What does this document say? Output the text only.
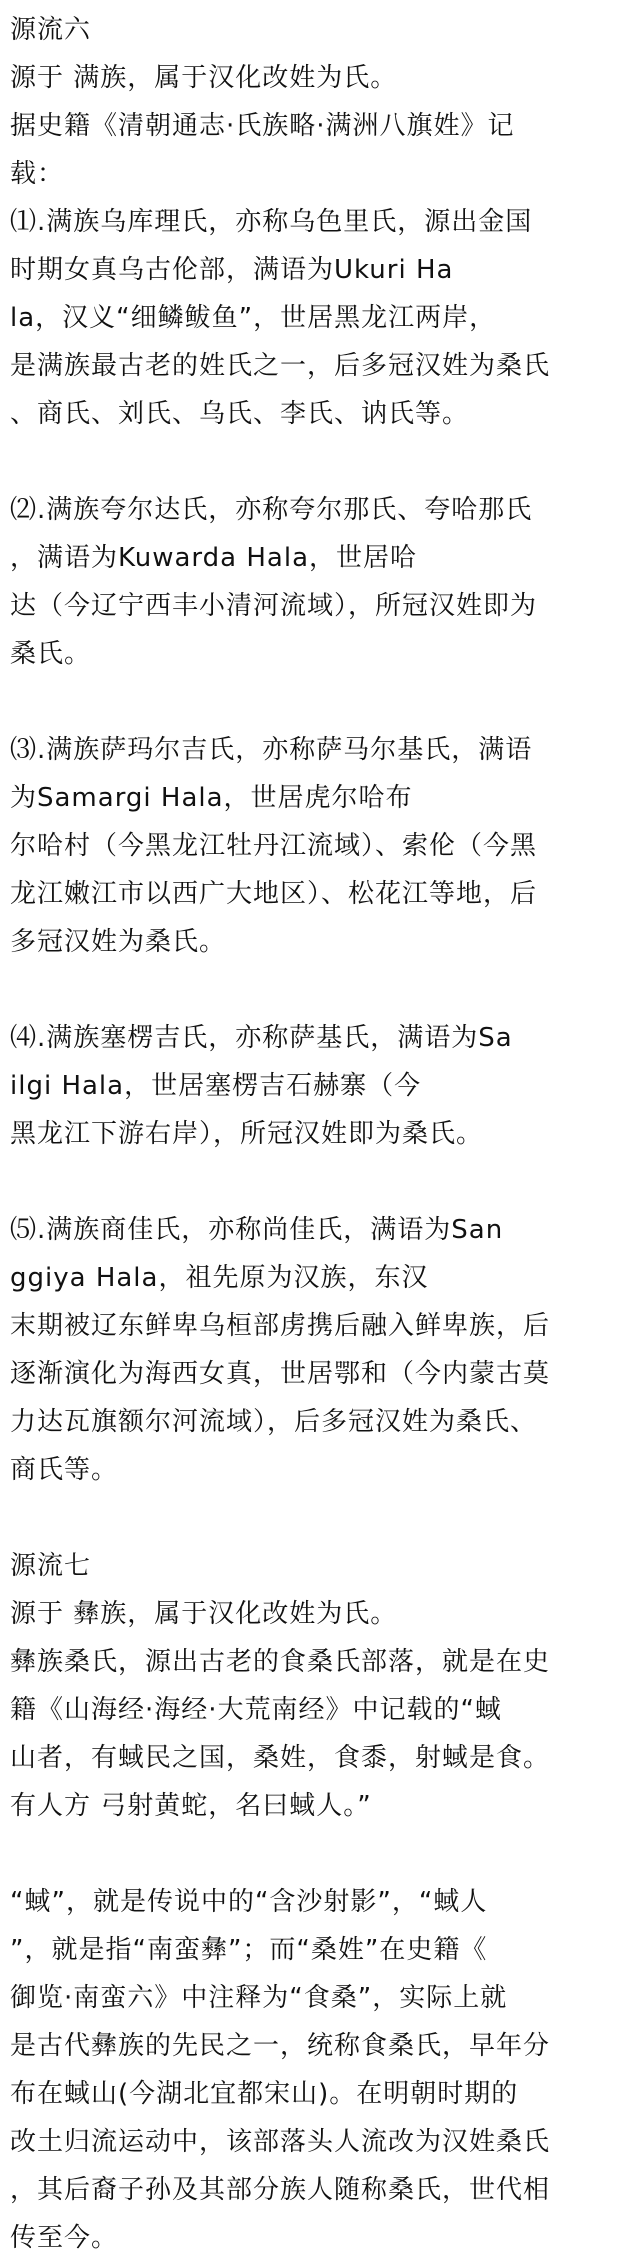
源流六
源于 满族，属于汉化改姓为氏。
据史籍《清朝通志·氏族略·满洲八旗姓》记
载：
⑴.满族乌库理氏，亦称乌色里氏，源出金国
时期女真乌古伦部，满语为Ukuri Ha
la，汉义“细鳞鲅鱼”，世居黑龙江两岸，
是满族最古老的姓氏之一，后多冠汉姓为桑氏
、商氏、刘氏、乌氏、李氏、讷氏等。
⑵.满族夸尔达氏，亦称夸尔那氏、夸哈那氏
，满语为Kuwarda Hala，世居哈
达（今辽宁西丰小清河流域），所冠汉姓即为
桑氏。
⑶.满族萨玛尔吉氏，亦称萨马尔基氏，满语
为Samargi Hala，世居虎尔哈布
尔哈村（今黑龙江牡丹江流域）、索伦（今黑
龙江嫩江市以西广大地区）、松花江等地，后
多冠汉姓为桑氏。
⑷.满族塞楞吉氏，亦称萨基氏，满语为Sa
ilgi Hala，世居塞楞吉石赫寨（今
黑龙江下游右岸），所冠汉姓即为桑氏。
⑸.满族商佳氏，亦称尚佳氏，满语为San
ggiya Hala，祖先原为汉族，东汉
末期被辽东鲜卑乌桓部虏携后融入鲜卑族，后
逐渐演化为海西女真，世居鄂和（今内蒙古莫
力达瓦旗额尔河流域），后多冠汉姓为桑氏、
商氏等。
源流七
源于 彝族，属于汉化改姓为氏。
彝族桑氏，源出古老的食桑氏部落，就是在史
籍《山海经·海经·大荒南经》中记载的“蜮
山者，有蜮民之国，桑姓，食黍，射蜮是食。
有人方 弓射黄蛇，名曰蜮人。”
“蜮”，就是传说中的“含沙射影”，“蜮人
”，就是指“南蛮彝”；而“桑姓”在史籍《
御览·南蛮六》中注释为“食桑”，实际上就
是古代彝族的先民之一，统称食桑氏，早年分
布在蜮山(今湖北宜都宋山)。在明朝时期的
改土归流运动中，该部落头人流改为汉姓桑氏
，其后裔子孙及其部分族人随称桑氏，世代相
传至今。
